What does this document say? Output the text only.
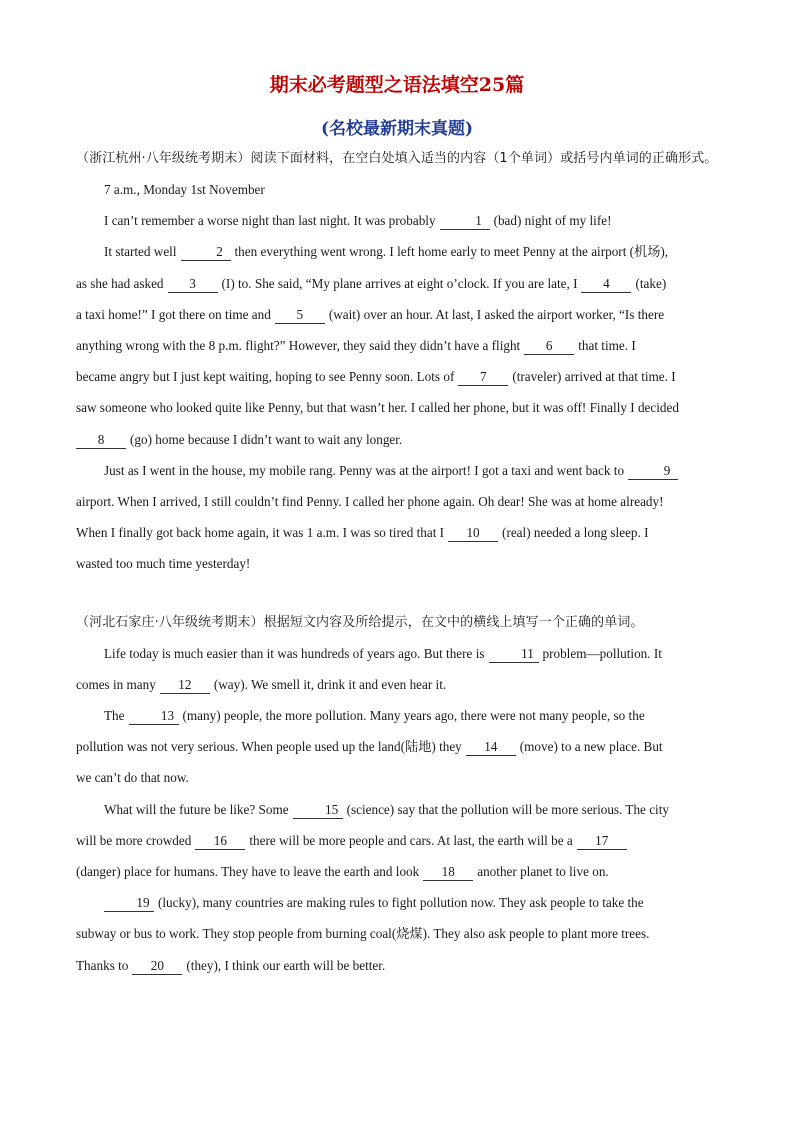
期末必考题型之语法填空25篇
(名校最新期末真题)
（浙江杭州·八年级统考期末）阅读下面材料，在空白处填入适当的内容（1个单词）或括号内单词的正确形式。

7 a.m., Monday 1st November

I can’t remember a worse night than last night. It was probably	1 (bad) night of my life!

It started well	2 then everything went wrong. I left home early to meet Penny at the airport (机场),

as she had asked 3 (I) to. She said, “My plane arrives at eight o’clock. If you are late, I 4 (take)

a taxi home!” I got there on time and 5 (wait) over an hour. At last, I asked the airport worker, “Is there

anything wrong with the 8 p.m. flight?” However, they said they didn’t have a flight 6 that time. I

became angry but I just kept waiting, hoping to see Penny soon. Lots of 7 (traveler) arrived at that time. I

saw someone who looked quite like Penny, but that wasn’t her. I called her phone, but it was off! Finally I decided

8 (go) home because I didn’t want to wait any longer.

Just as I went in the house, my mobile rang. Penny was at the airport! I got a taxi and went back to	9

airport. When I arrived, I still couldn’t find Penny. I called her phone again. Oh dear! She was at home already!

When I finally got back home again, it was 1 a.m. I was so tired that I 10 (real) needed a long sleep. I

wasted too much time yesterday!

（河北石家庄·八年级统考期末）根据短文内容及所给提示，在文中的横线上填写一个正确的单词。

Life today is much easier than it was hundreds of years ago. But there is	11 problem—pollution. It

comes in many 12 (way). We smell it, drink it and even hear it.

The	13 (many) people, the more pollution. Many years ago, there were not many people, so the

pollution was not very serious. When people used up the land(陆地) they 14 (move) to a new place. But

we can’t do that now.

What will the future be like? Some	15 (science) say that the pollution will be more serious. The city

will be more crowded 16 there will be more people and cars. At last, the earth will be a 17

(danger) place for humans. They have to leave the earth and look 18 another planet to live on.

19 (lucky), many countries are making rules to fight pollution now. They ask people to take the

subway or bus to work. They stop people from burning coal(烧煤). They also ask people to plant more trees.

Thanks to 20 (they), I think our earth will be better.
